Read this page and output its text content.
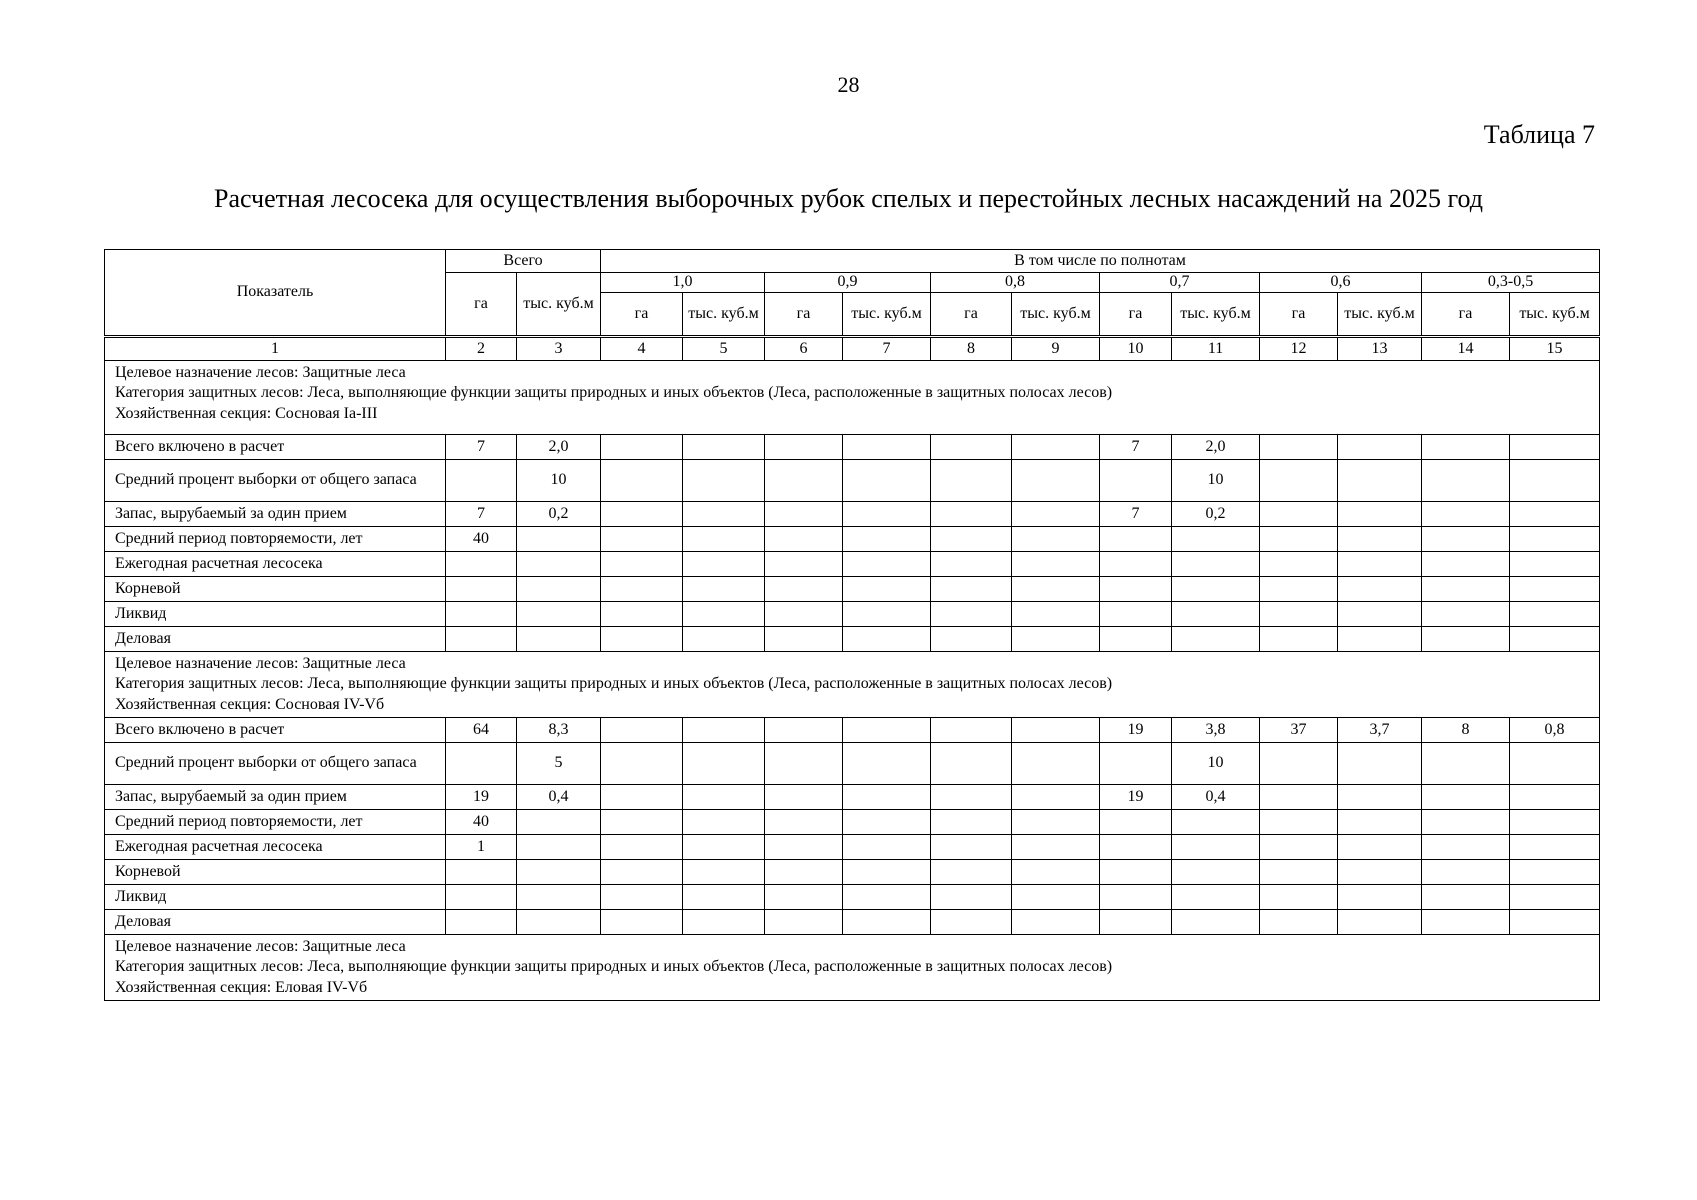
28
Таблица 7
Расчетная лесосека для осуществления выборочных рубок спелых и перестойных лесных насаждений на 2025 год
Показатель	Всего		В том числе по полнотам											
	га	тыс. куб.м	1,0		0,9		0,8		0,7		0,6		0,3-0,5	
			га	тыс. куб.м	га	тыс. куб.м	га	тыс. куб.м	га	тыс. куб.м	га	тыс. куб.м	га	тыс. куб.м
1	2	3	4	5	6	7	8	9	10	11	12	13	14	15

Целевое назначение лесов: Защитные леса
Категория защитных лесов: Леса, выполняющие функции защиты природных и иных объектов (Леса, расположенные в защитных полосах лесов)
Хозяйственная секция: Сосновая Ia-III														

Всего включено в расчет	7	2,0							7	2,0				
Средний процент выборки от общего запаса		10								10				
Запас, вырубаемый за один прием	7	0,2							7	0,2				
Средний период повторяемости, лет	40													
Ежегодная расчетная лесосека														
Корневой														
Ликвид														
Деловая														

Целевое назначение лесов: Защитные леса
Категория защитных лесов: Леса, выполняющие функции защиты природных и иных объектов (Леса, расположенные в защитных полосах лесов)
Хозяйственная секция: Сосновая IV-Vб														

Всего включено в расчет	64	8,3							19	3,8	37	3,7	8	0,8
Средний процент выборки от общего запаса		5								10				
Запас, вырубаемый за один прием	19	0,4							19	0,4				
Средний период повторяемости, лет	40													
Ежегодная расчетная лесосека	1													
Корневой														
Ликвид														
Деловая														

Целевое назначение лесов: Защитные леса
Категория защитных лесов: Леса, выполняющие функции защиты природных и иных объектов (Леса, расположенные в защитных полосах лесов)
Хозяйственная секция: Еловая IV-Vб														
